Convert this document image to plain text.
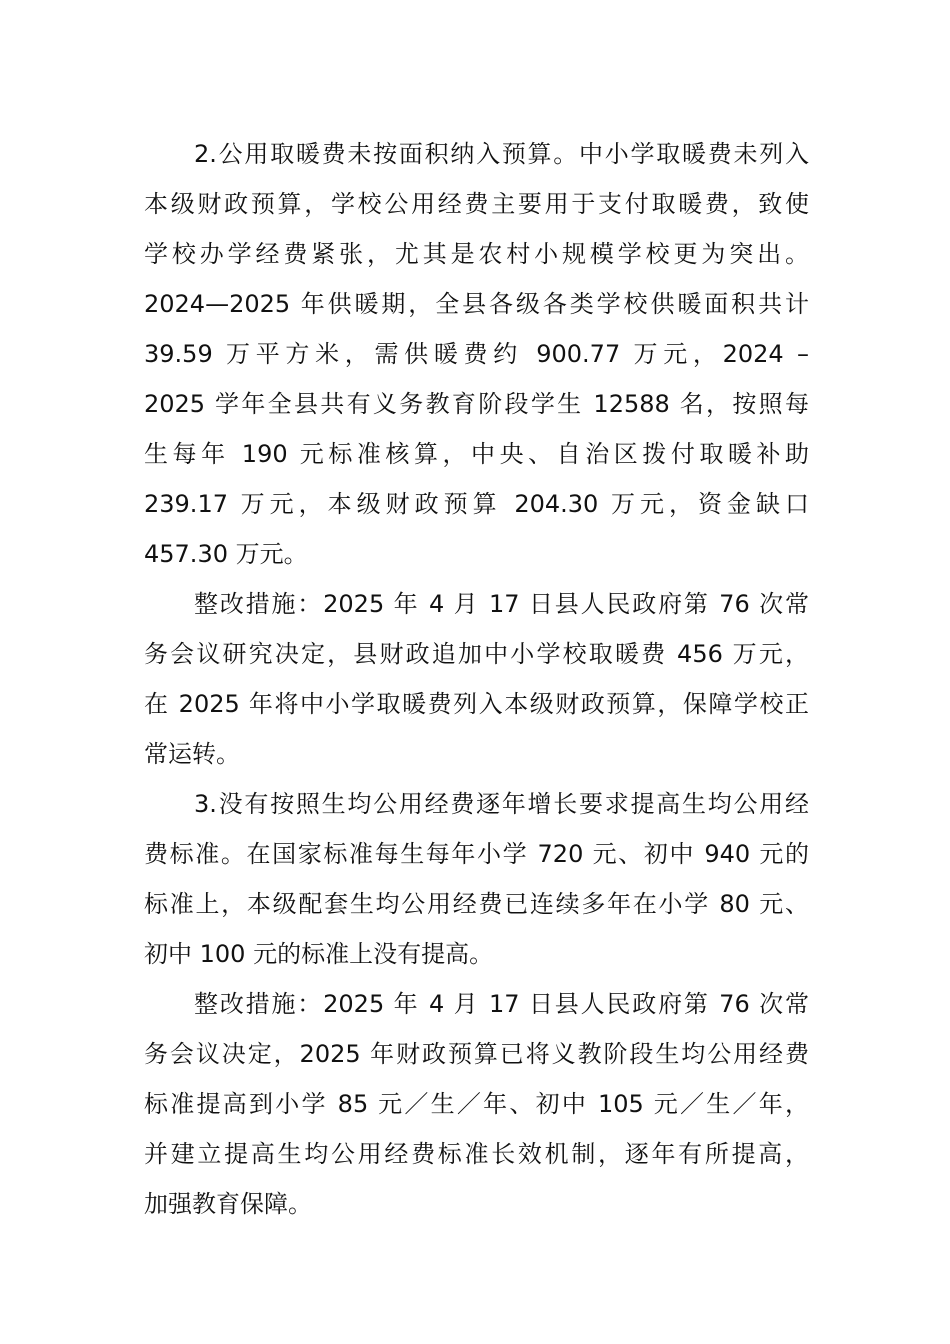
2.公用取暖费未按面积纳入预算。中小学取暖费未列入
本级财政预算，学校公用经费主要用于支付取暖费，致使
学校办学经费紧张，尤其是农村小规模学校更为突出。
2024—2025 年供暖期，全县各级各类学校供暖面积共计
39.59 万平方米，需供暖费约 900.77 万元，2024 –
2025 学年全县共有义务教育阶段学生 12588 名，按照每
生每年 190 元标准核算，中央、自治区拨付取暖补助
239.17 万元，本级财政预算 204.30 万元，资金缺口
457.30 万元。
整改措施：2025 年 4 月 17 日县人民政府第 76 次常
务会议研究决定，县财政追加中小学校取暖费 456 万元，
在 2025 年将中小学取暖费列入本级财政预算，保障学校正
常运转。
3.没有按照生均公用经费逐年增长要求提高生均公用经
费标准。在国家标准每生每年小学 720 元、初中 940 元的
标准上，本级配套生均公用经费已连续多年在小学 80 元、
初中 100 元的标准上没有提高。
整改措施：2025 年 4 月 17 日县人民政府第 76 次常
务会议决定，2025 年财政预算已将义教阶段生均公用经费
标准提高到小学 85 元／生／年、初中 105 元／生／年，
并建立提高生均公用经费标准长效机制，逐年有所提高，
加强教育保障。
